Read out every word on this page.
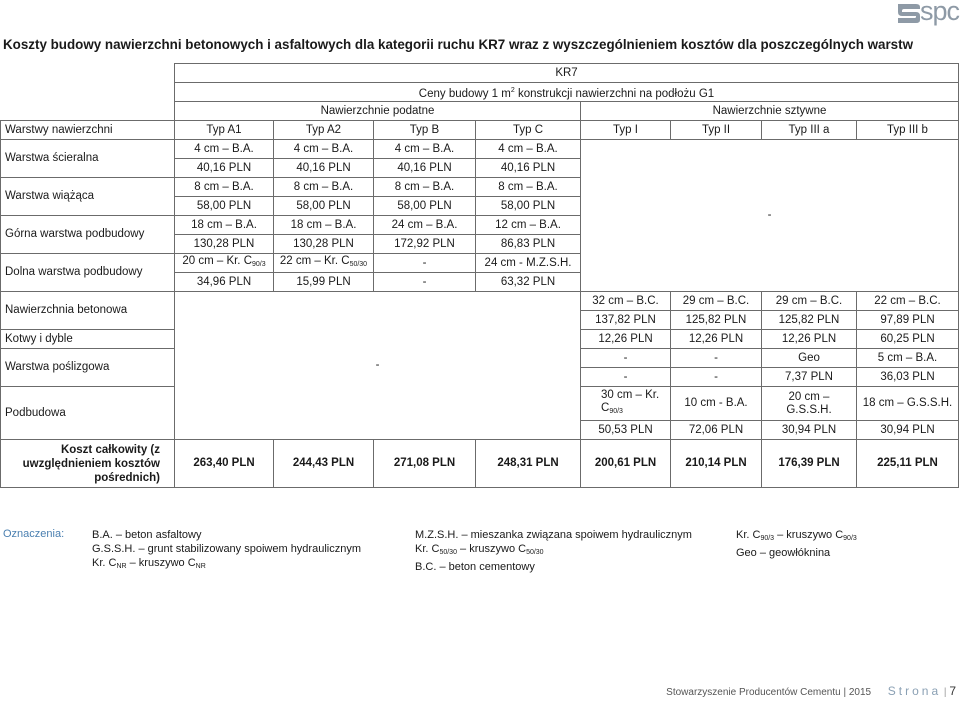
spc
Koszty budowy nawierzchni betonowych i asfaltowych dla kategorii ruchu KR7 wraz z wyszczególnieniem kosztów dla poszczególnych warstw
	KR7							
	Ceny budowy 1 $m^2$ konstrukcji nawierzchni na podłożu G1							
	Nawierzchnie podatne				Nawierzchnie sztywne			
Warstwy nawierzchni	Typ A1	Typ A2	Typ B	Typ C	Typ I	Typ II	Typ III a	Typ III b
Warstwa ścieralna	4 cm – B.A.	4 cm – B.A.	4 cm – B.A.	4 cm – B.A.	-			
	40,16 PLN	40,16 PLN	40,16 PLN	40,16 PLN				
Warstwa wiążąca	8 cm – B.A.	8 cm – B.A.	8 cm – B.A.	8 cm – B.A.				
	58,00 PLN	58,00 PLN	58,00 PLN	58,00 PLN				
Górna warstwa podbudowy	18 cm – B.A.	18 cm – B.A.	24 cm – B.A.	12 cm – B.A.				
	130,28 PLN	130,28 PLN	172,92 PLN	86,83 PLN				
Dolna warstwa podbudowy	20 cm – Kr. $C_{90/3}$	22 cm – Kr. $C_{50/30}$	-	24 cm - M.Z.S.H.				
	34,96 PLN	15,99 PLN	-	63,32 PLN				
Nawierzchnia betonowa	-				32 cm – B.C.	29 cm – B.C.	29 cm – B.C.	22 cm – B.C.
					137,82 PLN	125,82 PLN	125,82 PLN	97,89 PLN
Kotwy i dyble					12,26 PLN	12,26 PLN	12,26 PLN	60,25 PLN
Warstwa poślizgowa					-	-	Geo	5 cm – B.A.
					-	-	7,37 PLN	36,03 PLN
Podbudowa					30 cm – Kr. $C_{90/3}$	10 cm - B.A.	20 cm – G.S.S.H.	18 cm – G.S.S.H.
					50,53 PLN	72,06 PLN	30,94 PLN	30,94 PLN
Koszt całkowity (z uwzględnieniem kosztów pośrednich)	263,40 PLN	244,43 PLN	271,08 PLN	248,31 PLN	200,61 PLN	210,14 PLN	176,39 PLN	225,11 PLN
Oznaczenia:	B.A. – beton asfaltowy
G.S.S.H. – grunt stabilizowany spoiwem hydraulicznym
Kr. $C_{NR}$ – kruszywo $C_{NR}$
M.Z.S.H. – mieszanka związana spoiwem hydraulicznym
Kr. $C_{50/30}$ – kruszywo $C_{50/30}$
B.C. – beton cementowy
Kr. $C_{90/3}$ – kruszywo $C_{90/3}$
Geo – geowłóknina
Stowarzyszenie Producentów Cementu | 2015 Strona | 7
